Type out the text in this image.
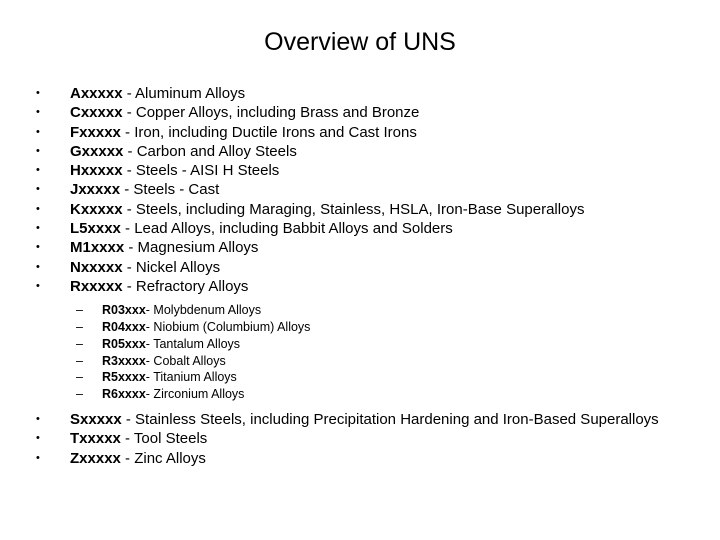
Overview of UNS
• Axxxxx - Aluminum Alloys
• Cxxxxx - Copper Alloys, including Brass and Bronze
• Fxxxxx - Iron, including Ductile Irons and Cast Irons
• Gxxxxx - Carbon and Alloy Steels
• Hxxxxx - Steels - AISI H Steels
• Jxxxxx - Steels - Cast
• Kxxxxx - Steels, including Maraging, Stainless, HSLA, Iron-Base Superalloys
• L5xxxx - Lead Alloys, including Babbit Alloys and Solders
• M1xxxx - Magnesium Alloys
• Nxxxxx - Nickel Alloys
• Rxxxxx - Refractory Alloys
– R03xxx- Molybdenum Alloys
– R04xxx- Niobium (Columbium) Alloys
– R05xxx- Tantalum Alloys
– R3xxxx- Cobalt Alloys
– R5xxxx- Titanium Alloys
– R6xxxx- Zirconium Alloys
• Sxxxxx - Stainless Steels, including Precipitation Hardening and Iron-Based Superalloys
• Txxxxx - Tool Steels
• Zxxxxx - Zinc Alloys
